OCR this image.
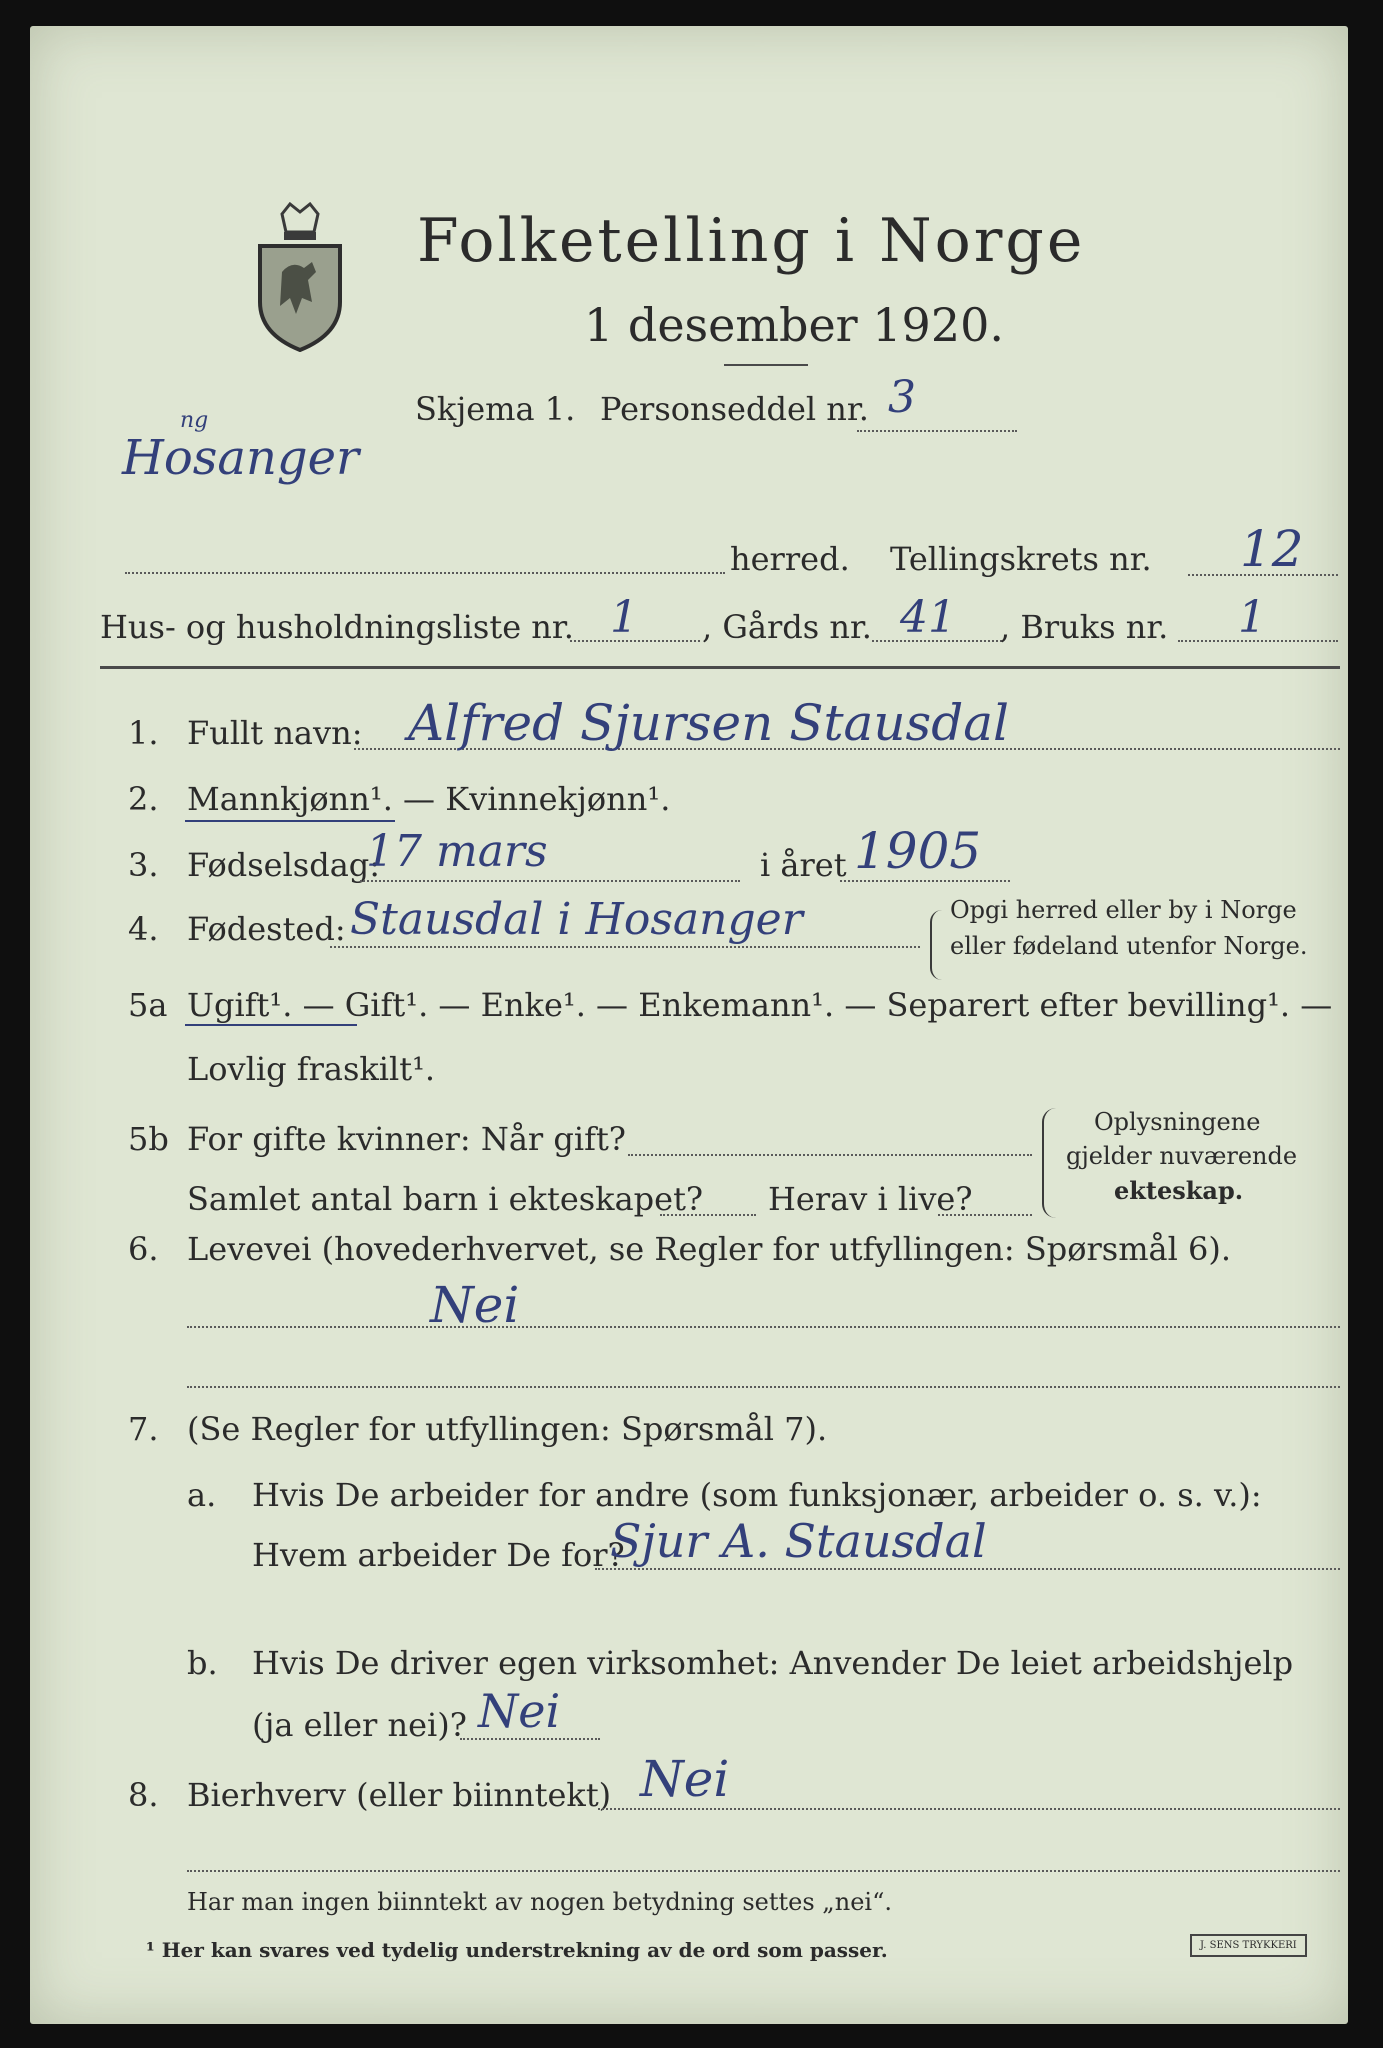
Folketelling i Norge
1 desember 1920.
Skjema 1. Personseddel nr. 3
ng
Hosanger
herred. Tellingskrets nr. 12
Hus- og husholdningsliste nr. 1 , Gårds nr. 41 , Bruks nr. 1
1. Fullt navn: Alfred Sjursen Stausdal
2. Mannkjønn¹. — Kvinnekjønn¹.
3. Fødselsdag:
17 mars	i året 1905
4. Fødested: Stausdal i Hosanger	Opgi herred eller by i Norge
eller fødeland utenfor Norge.
5a Ugift¹. — Gift¹. — Enke¹. — Enkemann¹. — Separert efter bevilling¹. —
Lovlig fraskilt¹.
5b For gifte kvinner: Når gift?
Samlet antal barn i ekteskapet? Herav i live?
Oplysningene
gjelder nuværende
ekteskap.
6. Levevei (hovederhvervet, se Regler for utfyllingen: Spørsmål 6).
Nei
7. (Se Regler for utfyllingen: Spørsmål 7).
a. Hvis De arbeider for andre (som funksjonær, arbeider o. s. v.):
Hvem arbeider De for?
Sjur A. Stausdal
b. Hvis De driver egen virksomhet: Anvender De leiet arbeidshjelp
(ja eller nei)? Nei
8. Bierhverv (eller biinntekt) Nei
Har man ingen biinntekt av nogen betydning settes „nei“.
¹ Her kan svares ved tydelig understrekning av de ord som passer.	J. SENS TRYKKERI
